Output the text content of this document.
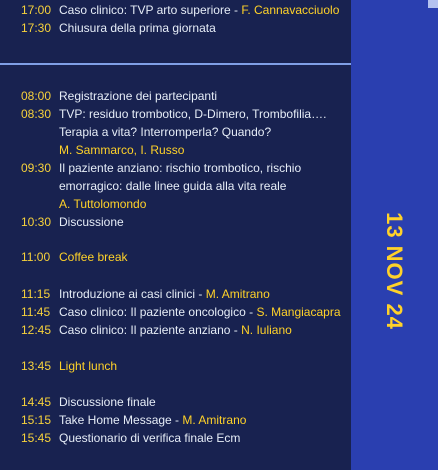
17:00 Caso clinico: TVP arto superiore - F. Cannavacciuolo
17:30 Chiusura della prima giornata
08:00 Registrazione dei partecipanti
08:30 TVP: residuo trombotico, D-Dimero, Trombofilia….
Terapia a vita? Interromperla? Quando?
M. Sammarco, I. Russo
09:30 Il paziente anziano: rischio trombotico, rischio
emorragico: dalle linee guida alla vita reale
A. Tuttolomondo
10:30 Discussione
11:00 Coffee break
11:15 Introduzione ai casi clinici - M. Amitrano
11:45 Caso clinico: Il paziente oncologico - S. Mangiacapra
12:45 Caso clinico: Il paziente anziano - N. Iuliano
13:45 Light lunch
14:45 Discussione finale
15:15 Take Home Message - M. Amitrano
15:45 Questionario di verifica finale Ecm
13 NOV 24
